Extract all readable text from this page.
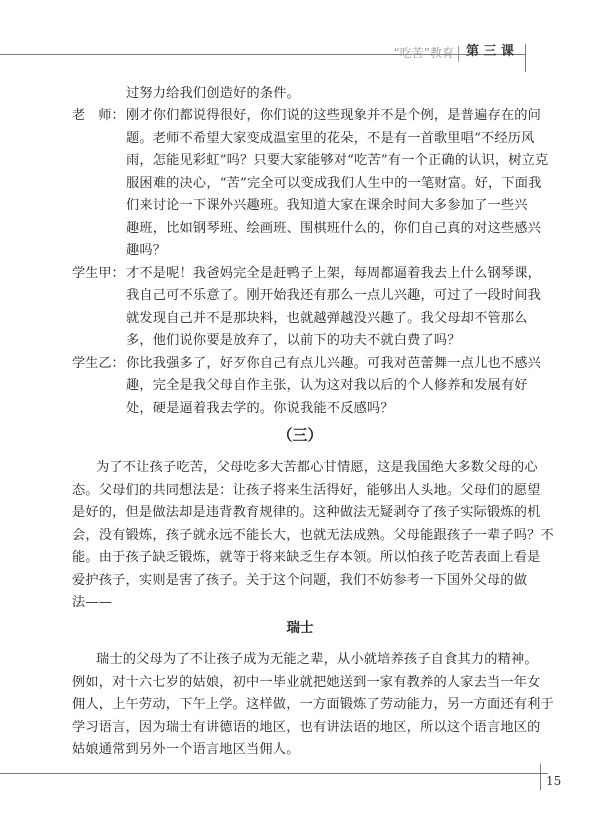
“吃苦”教育 第 三 课
过努力给我们创造好的条件。
老　师： 刚才你们都说得很好，你们说的这些现象并不是个例，是普遍存在的问
题。老师不希望大家变成温室里的花朵，不是有一首歌里唱“不经历风
雨，怎能见彩虹”吗？只要大家能够对“吃苦”有一个正确的认识，树立克
服困难的决心，“苦”完全可以变成我们人生中的一笔财富。好，下面我
们来讨论一下课外兴趣班。我知道大家在课余时间大多参加了一些兴
趣班，比如钢琴班、绘画班、围棋班什么的，你们自己真的对这些感兴
趣吗？
学生甲： 才不是呢！我爸妈完全是赶鸭子上架，每周都逼着我去上什么钢琴课，
我自己可不乐意了。刚开始我还有那么一点儿兴趣，可过了一段时间我
就发现自己并不是那块料，也就越弹越没兴趣了。我父母却不管那么
多，他们说你要是放弃了，以前下的功夫不就白费了吗？
学生乙： 你比我强多了，好歹你自己有点儿兴趣。可我对芭蕾舞一点儿也不感兴
趣，完全是我父母自作主张，认为这对我以后的个人修养和发展有好
处，硬是逼着我去学的。你说我能不反感吗？
（三）
为了不让孩子吃苦，父母吃多大苦都心甘情愿，这是我国绝大多数父母的心
态。父母们的共同想法是：让孩子将来生活得好，能够出人头地。父母们的愿望
是好的，但是做法却是违背教育规律的。这种做法无疑剥夺了孩子实际锻炼的机
会，没有锻炼，孩子就永远不能长大，也就无法成熟。父母能跟孩子一辈子吗？不
能。由于孩子缺乏锻炼，就等于将来缺乏生存本领。所以怕孩子吃苦表面上看是
爱护孩子，实则是害了孩子。关于这个问题，我们不妨参考一下国外父母的做
法——
瑞士
瑞士的父母为了不让孩子成为无能之辈，从小就培养孩子自食其力的精神。
例如，对十六七岁的姑娘，初中一毕业就把她送到一家有教养的人家去当一年女
佣人，上午劳动，下午上学。这样做，一方面锻炼了劳动能力，另一方面还有利于
学习语言，因为瑞士有讲德语的地区，也有讲法语的地区，所以这个语言地区的
姑娘通常到另外一个语言地区当佣人。
15
